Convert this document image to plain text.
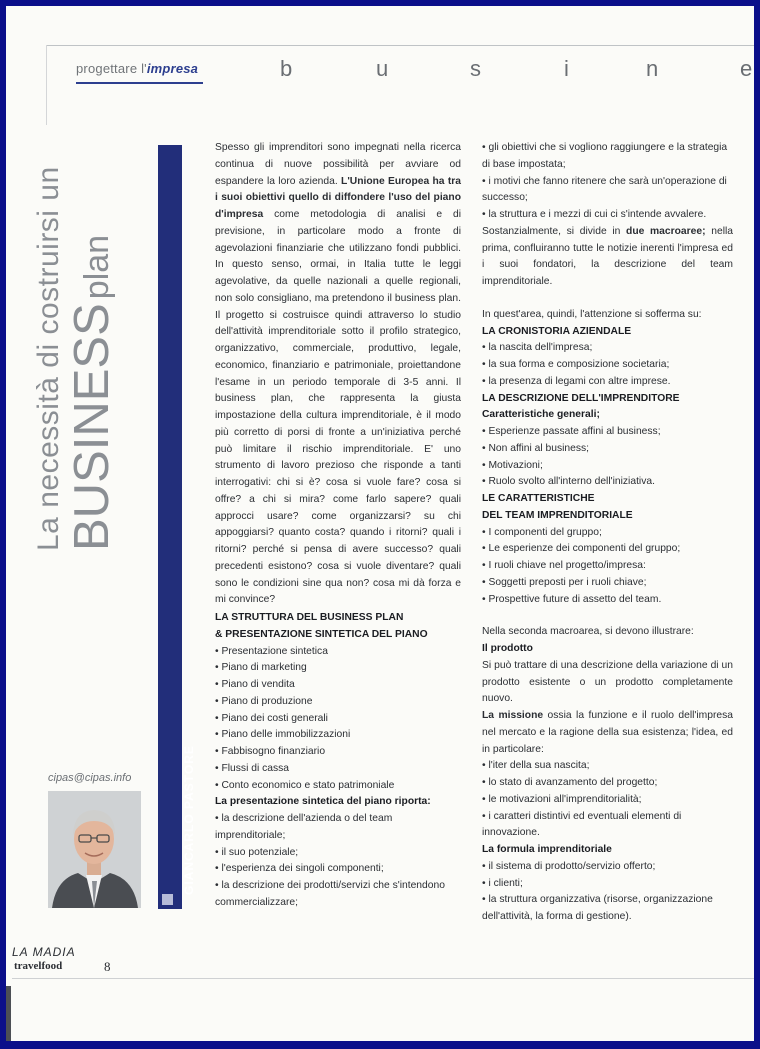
progettare l'impresa	b	u	s	i	n	e
La necessità di costruirsi un BUSINESSplan
GIANCARLO PASTORE
cipas@cipas.info

Spesso gli imprenditori sono impegnati nella ricerca continua di nuove possibilità per avviare od espandere la loro azienda. L'Unione Europea ha tra i suoi obiettivi quello di diffondere l'uso del piano d'impresa come metodologia di analisi e di previsione, in particolare modo a fronte di agevolazioni finanziarie che utilizzano fondi pubblici. In questo senso, ormai, in Italia tutte le leggi agevolative, da quelle nazionali a quelle regionali, non solo consigliano, ma pretendono il business plan. Il progetto si costruisce quindi attraverso lo studio dell'attività imprenditoriale sotto il profilo strategico, organizzativo, commerciale, produttivo, legale, economico, finanziario e patrimoniale, proiettandone l'esame in un periodo temporale di 3-5 anni. Il business plan, che rappresenta la giusta impostazione della cultura imprenditoriale, è il modo più corretto di porsi di fronte a un'iniziativa perché può limitare il rischio imprenditoriale. E' uno strumento di lavoro prezioso che risponde a tanti interrogativi: chi si è? cosa si vuole fare? cosa si offre? a chi si mira? come farlo sapere? quali approcci usare? come organizzarsi? su chi appoggiarsi? quanto costa? quando i ritorni? quali i ritorni? perché si pensa di avere successo? quali precedenti esistono? cosa si vuole diventare? quali sono le condizioni sine qua non? cosa mi dà forza e mi convince?

LA STRUTTURA DEL BUSINESS PLAN
& PRESENTAZIONE SINTETICA DEL PIANO
• Presentazione sintetica
• Piano di marketing
• Piano di vendita
• Piano di produzione
• Piano dei costi generali
• Piano delle immobilizzazioni
• Fabbisogno finanziario
• Flussi di cassa
• Conto economico e stato patrimoniale
La presentazione sintetica del piano riporta:
• la descrizione dell'azienda o del team imprenditoriale;
• il suo potenziale;
• l'esperienza dei singoli componenti;
• la descrizione dei prodotti/servizi che s'intendono commercializzare;
• gli obiettivi che si vogliono raggiungere e la strategia di base impostata;
• i motivi che fanno ritenere che sarà un'operazione di successo;
• la struttura e i mezzi di cui ci s'intende avvalere.

Sostanzialmente, si divide in due macroaree; nella prima, confluiranno tutte le notizie inerenti l'impresa ed i suoi fondatori, la descrizione del team imprenditoriale.

In quest'area, quindi, l'attenzione si sofferma su:

LA CRONISTORIA AZIENDALE
• la nascita dell'impresa;
• la sua forma e composizione societaria;
• la presenza di legami con altre imprese.
LA DESCRIZIONE DELL'IMPRENDITORE
Caratteristiche generali;
• Esperienze passate affini al business;
• Non affini al business;
• Motivazioni;
• Ruolo svolto all'interno dell'iniziativa.
LE CARATTERISTICHE
DEL TEAM IMPRENDITORIALE
• I componenti del gruppo;
• Le esperienze dei componenti del gruppo;
• I ruoli chiave nel progetto/impresa:
• Soggetti preposti per i ruoli chiave;
• Prospettive future di assetto del team.

Nella seconda macroarea, si devono illustrare:

Il prodotto

Si può trattare di una descrizione della variazione di un prodotto esistente o un prodotto completamente nuovo.

La missione ossia la funzione e il ruolo dell'impresa nel mercato e la ragione della sua esistenza; l'idea, ed in particolare:

• l'iter della sua nascita;
• lo stato di avanzamento del progetto;
• le motivazioni all'imprenditorialità;
• i caratteri distintivi ed eventuali elementi di innovazione.
La formula imprenditoriale
• il sistema di prodotto/servizio offerto;
• i clienti;
• la struttura organizzativa (risorse, organizzazione dell'attività, la forma di gestione).
LA MADIA
travelfood	8
